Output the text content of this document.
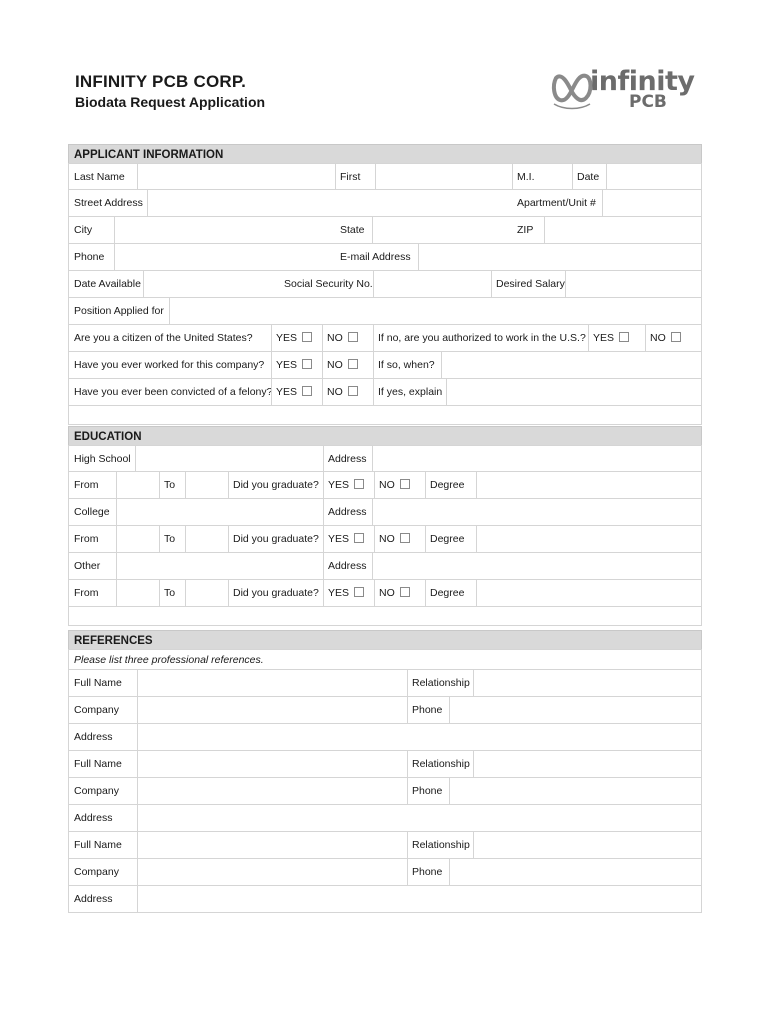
INFINITY PCB CORP.
Biodata Request Application
infinity
PCB
APPLICANT INFORMATION
Last Name	First	M.I.	Date
Street Address	Apartment/Unit #
City	State	ZIP
Phone	E-mail Address
Date Available	Social Security No.	Desired Salary
Position Applied for
Are you a citizen of the United States?	YES	NO	If no, are you authorized to work in the U.S.? YES	NO
Have you ever worked for this company?	YES	NO	If so, when?
Have you ever been convicted of a felony? YES	NO	If yes, explain
EDUCATION
High School	Address
From	To	Did you graduate? YES	NO	Degree
College	Address
From	To	Did you graduate? YES	NO	Degree
Other	Address
From	To	Did you graduate? YES	NO	Degree
REFERENCES
Please list three professional references.
Full Name	Relationship
Company	Phone
Address
Full Name	Relationship
Company	Phone
Address
Full Name	Relationship
Company	Phone
Address
